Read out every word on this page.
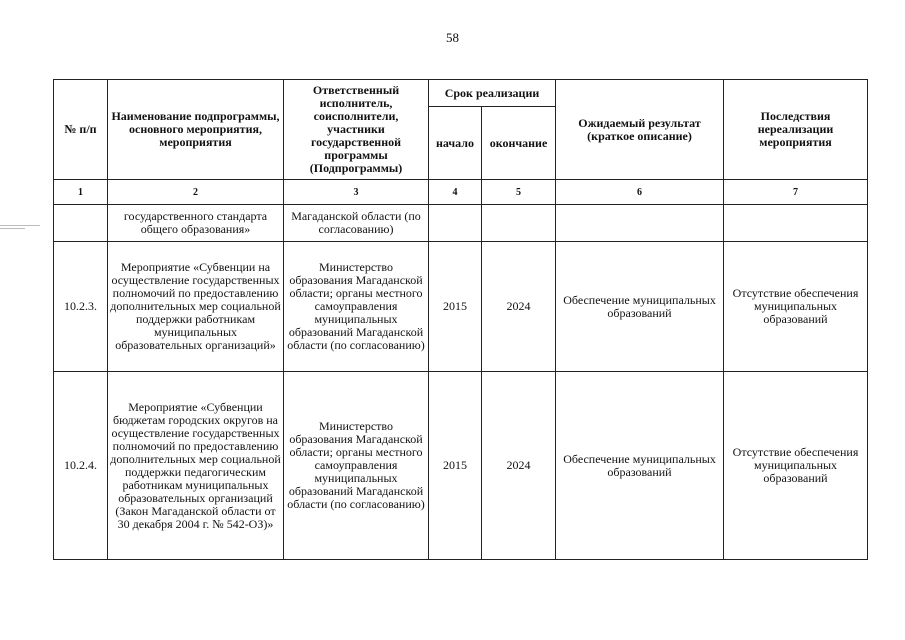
58
№ п/п	Наименование подпрограммы, основного мероприятия, мероприятия	Ответственный исполнитель, соисполнители, участники государственной программы (Подпрограммы)	Срок реализации		Ожидаемый результат (краткое описание)	Последствия нереализации мероприятия
			начало	окончание		
1	2	3	4	5	6	7
	государственного стандарта общего образования»	Магаданской области (по согласованию)				
10.2.3.	Мероприятие «Субвенции на осуществление государственных полномочий по предоставлению дополнительных мер социальной поддержки работникам муниципальных образовательных организаций»	Министерство образования Магаданской области; органы местного самоуправления муниципальных образований Магаданской области (по согласованию)	2015	2024	Обеспечение муниципальных образований	Отсутствие обеспечения муниципальных образований
10.2.4.	Мероприятие «Субвенции бюджетам городских округов на осуществление государственных полномочий по предоставлению дополнительных мер социальной поддержки педагогическим работникам муниципальных образовательных организаций (Закон Магаданской области от 30 декабря 2004 г. № 542-ОЗ)»	Министерство образования Магаданской области; органы местного самоуправления муниципальных образований Магаданской области (по согласованию)	2015	2024	Обеспечение муниципальных образований	Отсутствие обеспечения муниципальных образований
